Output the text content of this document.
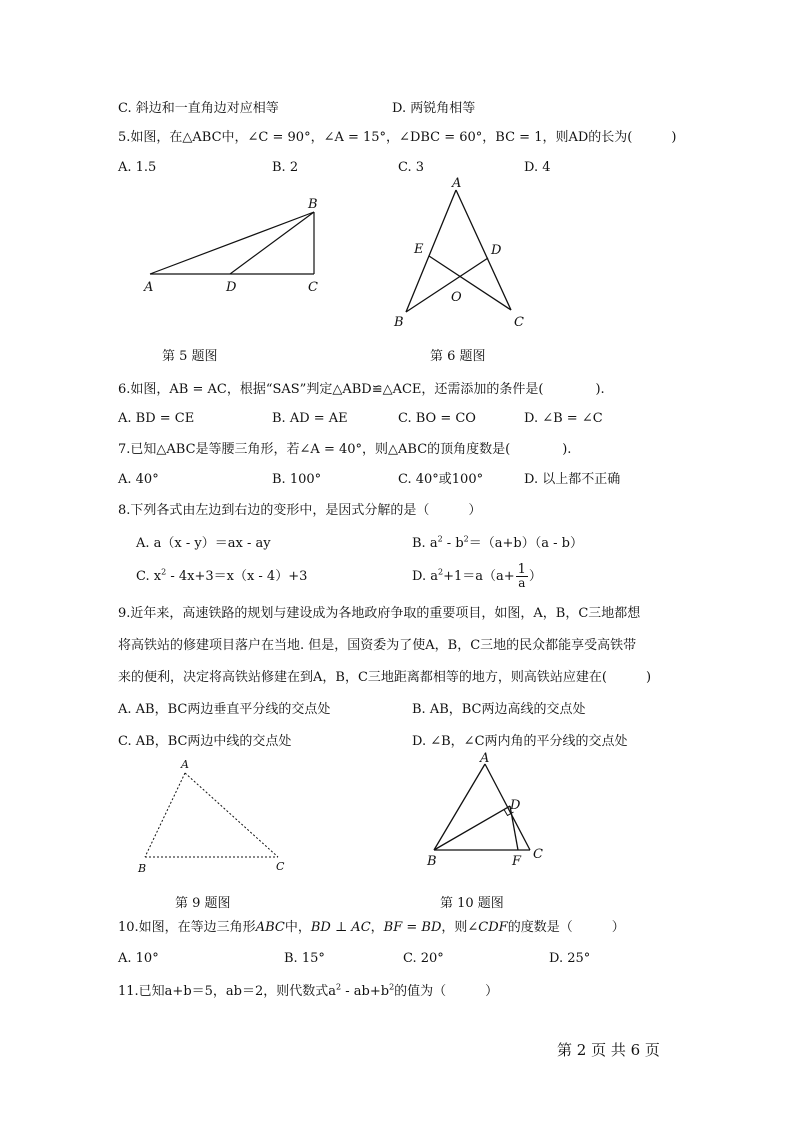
C. 斜边和一直角边对应相等	D. 两锐角相等
5.如图，在△ABC中，∠C = 90°，∠A = 15°，∠DBC = 60°，BC = 1，则AD的长为(　　　)
A. 1.5	B. 2	C. 3	D. 4
A	D	C
B
第 5 题图
A
E	D
O
B	C
第 6 题图
6.如图，AB = AC，根据“SAS”判定△ABD≌△ACE，还需添加的条件是(　　　　).
A. BD = CE	B. AD = AE	C. BO = CO	D. ∠B = ∠C
7.已知△ABC是等腰三角形，若∠A = 40°，则△ABC的顶角度数是(　　　　).
A. 40°	B. 100°	C. 40°或100°	D. 以上都不正确
8.下列各式由左边到右边的变形中，是因式分解的是（　　　）
A. a（x - y）＝ax - ay	B. $a^2 - b^2=(a+b)(a - b)$
C. $x^2 - 4x+3=x(x - 4)+3$	D. $a^2+1=a(a+ \frac{1}{a}$ ）
9.近年来，高速铁路的规划与建设成为各地政府争取的重要项目，如图，A，B，C三地都想
将高铁站的修建项目落户在当地. 但是，国资委为了使A，B，C三地的民众都能享受高铁带
来的便利，决定将高铁站修建在到A，B，C三地距离都相等的地方，则高铁站应建在(　　　)
A. AB，BC两边垂直平分线的交点处	B. AB，BC两边高线的交点处
C. AB，BC两边中线的交点处	D. ∠B，∠C两内角的平分线的交点处
A
B	C
第 9 题图
A
D
B	F C
第 10 题图
10.如图，在等边三角形ABC中，BD ⊥ AC，BF = BD，则∠CDF的度数是（　　　）
A. 10°	B. 15°	C. 20°	D. 25°
11.已知a+b＝5，ab＝2，则代数式$a^2 - ab+b^2$的值为（　　　）
第 2 页 共 6 页
